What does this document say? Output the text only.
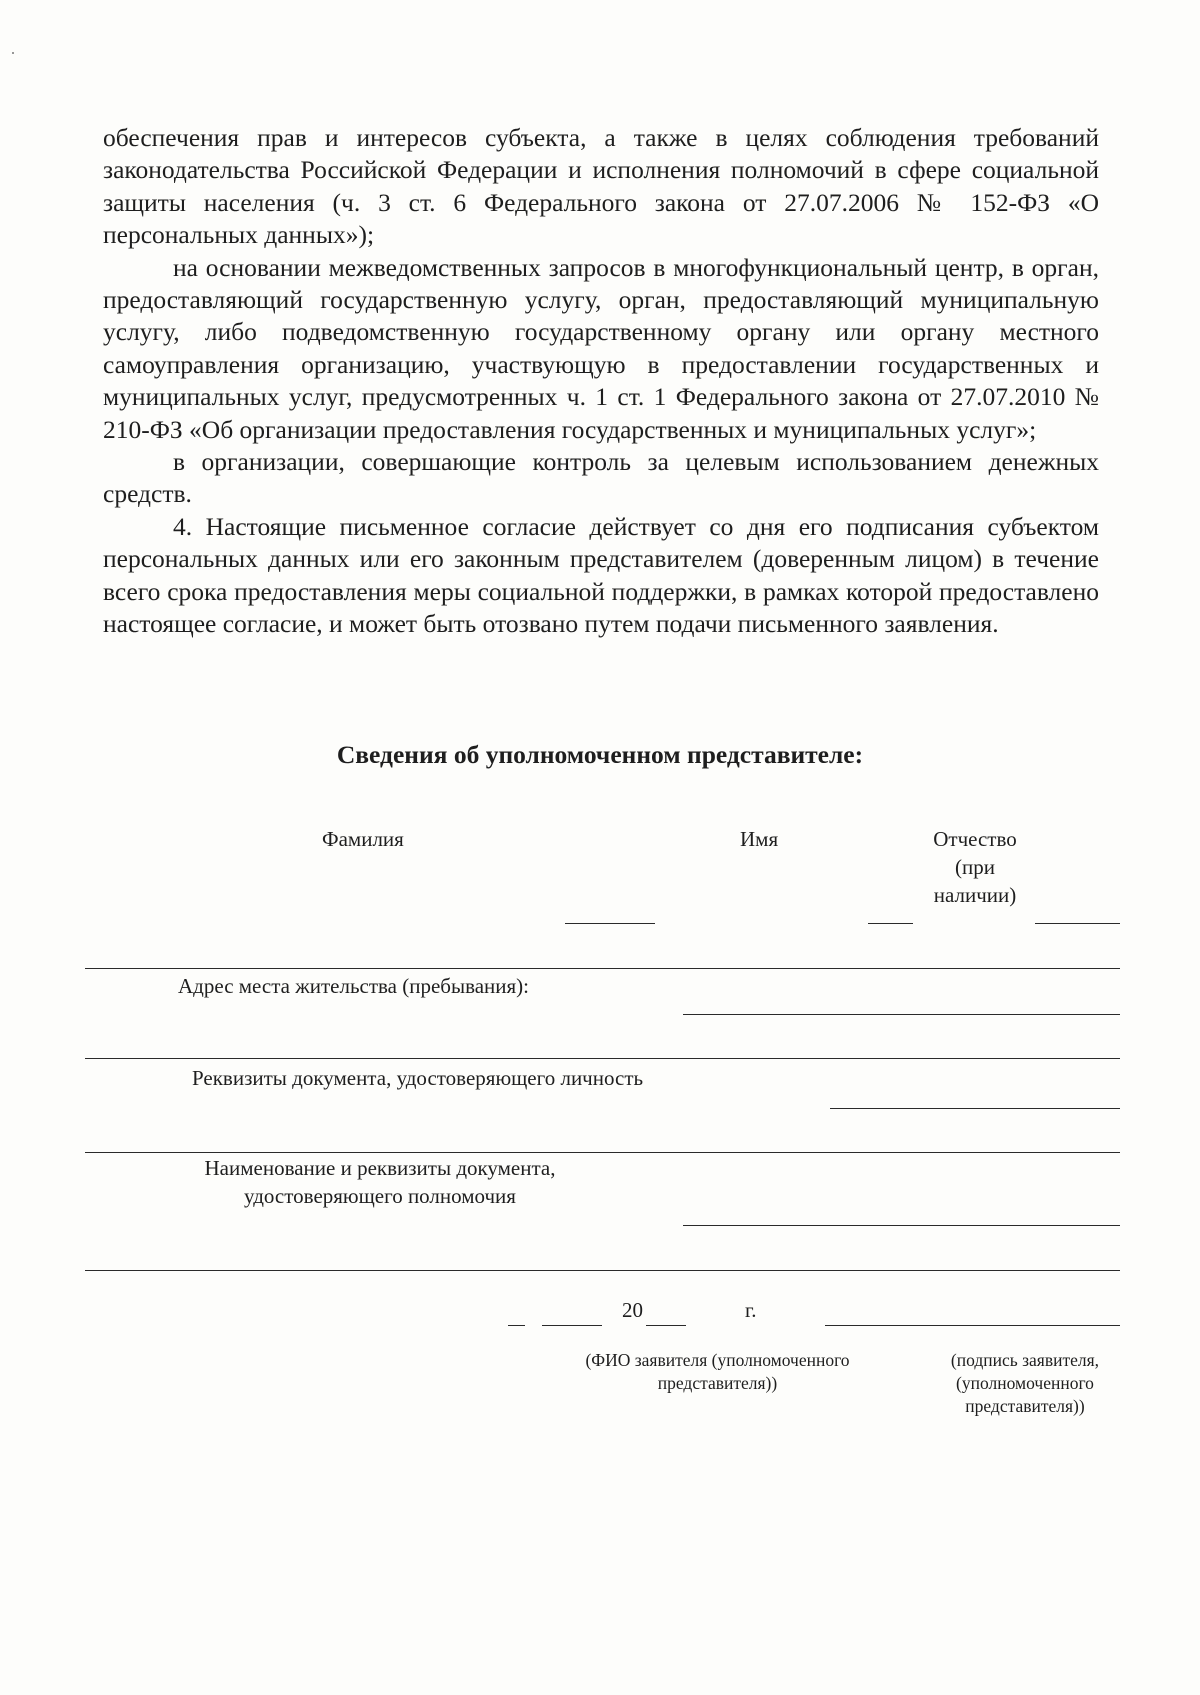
обеспечения прав и интересов субъекта, а также в целях соблюдения требований законодательства Российской Федерации и исполнения полномочий в сфере социальной защиты населения (ч. 3 ст. 6 Федерального закона от 27.07.2006 № 152-ФЗ «О персональных данных»);

на основании межведомственных запросов в многофункциональный центр, в орган, предоставляющий государственную услугу, орган, предоставляющий муниципальную услугу, либо подведомственную государственному органу или органу местного самоуправления организацию, участвующую в предоставлении государственных и муниципальных услуг, предусмотренных ч. 1 ст. 1 Федерального закона от 27.07.2010 № 210-ФЗ «Об организации предоставления государственных и муниципальных услуг»;

в организации, совершающие контроль за целевым использованием денежных средств.

4. Настоящие письменное согласие действует со дня его подписания субъектом персональных данных или его законным представителем (доверенным лицом) в течение всего срока предоставления меры социальной поддержки, в рамках которой предоставлено настоящее согласие, и может быть отозвано путем подачи письменного заявления.

Сведения об уполномоченном представителе:
Фамилия	Имя	Отчество (при наличии)
Адрес места жительства (пребывания):
Реквизиты документа, удостоверяющего личность
Наименование и реквизиты документа, удостоверяющего полномочия
20	г.
(ФИО заявителя (уполномоченного представителя))
(подпись заявителя, (уполномоченного представителя))
